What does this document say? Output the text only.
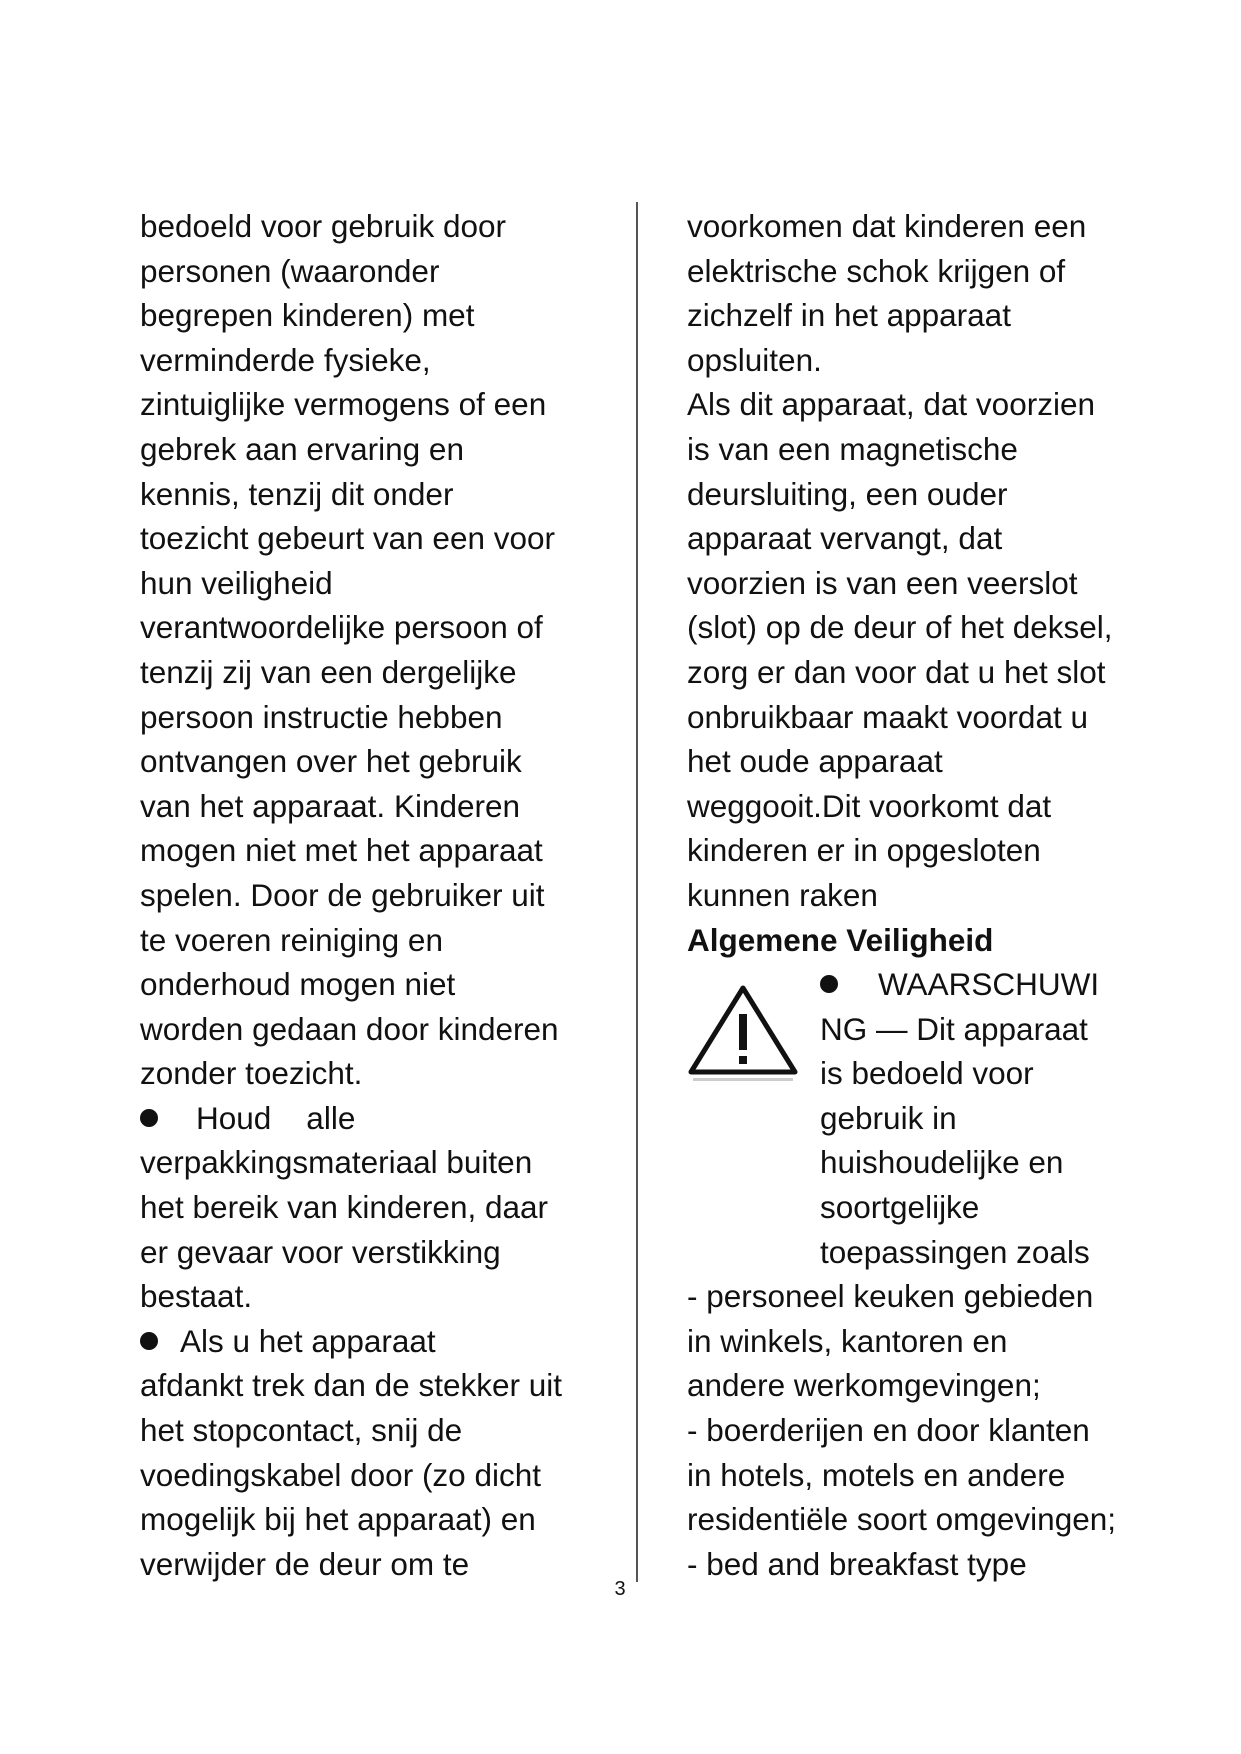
bedoeld voor gebruik door
personen (waaronder
begrepen kinderen) met
verminderde fysieke,
zintuiglijke vermogens of een
gebrek aan ervaring en
kennis, tenzij dit onder
toezicht gebeurt van een voor
hun veiligheid
verantwoordelijke persoon of
tenzij zij van een dergelijke
persoon instructie hebben
ontvangen over het gebruik
van het apparaat. Kinderen
mogen niet met het apparaat
spelen. Door de gebruiker uit
te voeren reiniging en
onderhoud mogen niet
worden gedaan door kinderen
zonder toezicht.
Houd    alle
verpakkingsmateriaal buiten
het bereik van kinderen, daar
er gevaar voor verstikking
bestaat.
Als u het apparaat
afdankt trek dan de stekker uit
het stopcontact, snij de
voedingskabel door (zo dicht
mogelijk bij het apparaat) en
verwijder de deur om te
voorkomen dat kinderen een
elektrische schok krijgen of
zichzelf in het apparaat
opsluiten.
Als dit apparaat, dat voorzien
is van een magnetische
deursluiting, een ouder
apparaat vervangt, dat
voorzien is van een veerslot
(slot) op de deur of het deksel,
zorg er dan voor dat u het slot
onbruikbaar maakt voordat u
het oude apparaat
weggooit.Dit voorkomt dat
kinderen er in opgesloten
kunnen raken
Algemene Veiligheid
WAARSCHUWI
NG — Dit apparaat
is bedoeld voor
gebruik in
huishoudelijke en
soortgelijke
toepassingen zoals
- personeel keuken gebieden
in winkels, kantoren en
andere werkomgevingen;
- boerderijen en door klanten
in hotels, motels en andere
residentiële soort omgevingen;
- bed and breakfast type
3
